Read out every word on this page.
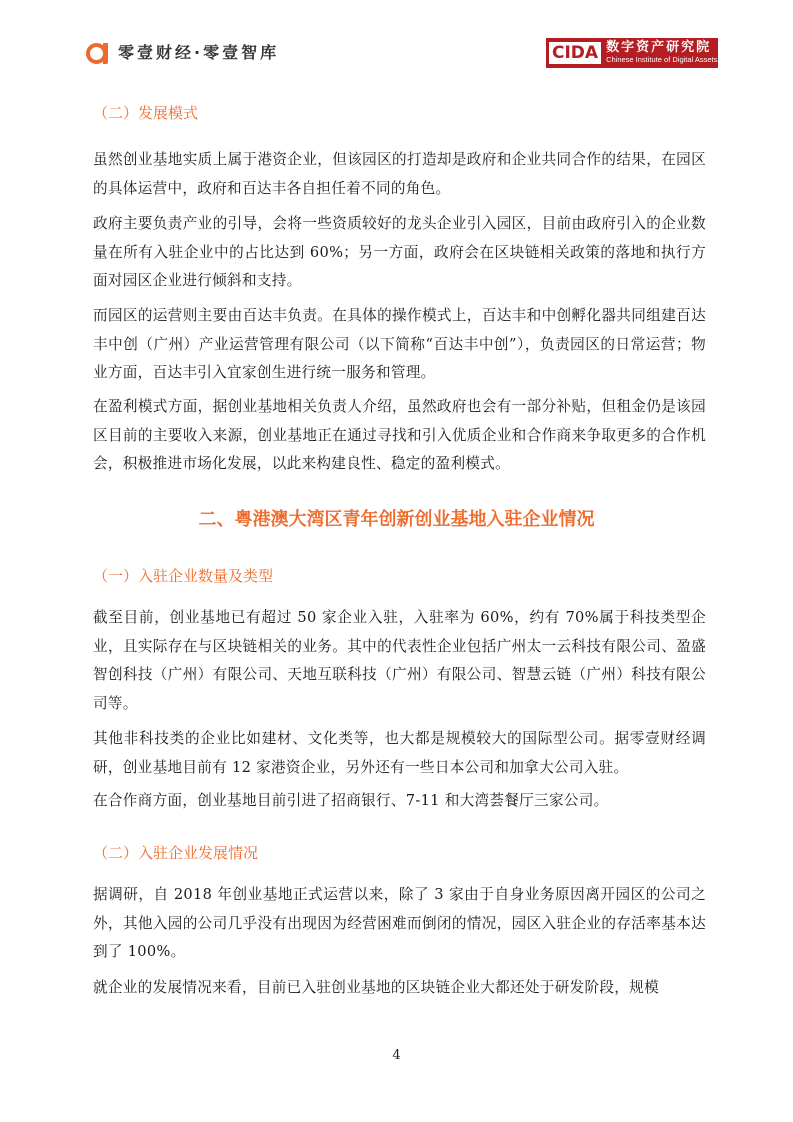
零壹财经·零壹智库	CIDA 数字资产研究院
Chinese Institute of Digital Assets
（二）发展模式
虽然创业基地实质上属于港资企业，但该园区的打造却是政府和企业共同合作的结果，在园区的具体运营中，政府和百达丰各自担任着不同的角色。
政府主要负责产业的引导，会将一些资质较好的龙头企业引入园区，目前由政府引入的企业数量在所有入驻企业中的占比达到 60%；另一方面，政府会在区块链相关政策的落地和执行方面对园区企业进行倾斜和支持。
而园区的运营则主要由百达丰负责。在具体的操作模式上，百达丰和中创孵化器共同组建百达丰中创（广州）产业运营管理有限公司（以下简称“百达丰中创”），负责园区的日常运营；物业方面，百达丰引入宜家创生进行统一服务和管理。
在盈利模式方面，据创业基地相关负责人介绍，虽然政府也会有一部分补贴，但租金仍是该园区目前的主要收入来源，创业基地正在通过寻找和引入优质企业和合作商来争取更多的合作机会，积极推进市场化发展，以此来构建良性、稳定的盈利模式。
二、粤港澳大湾区青年创新创业基地入驻企业情况
（一）入驻企业数量及类型
截至目前，创业基地已有超过 50 家企业入驻，入驻率为 60%，约有 70%属于科技类型企业，且实际存在与区块链相关的业务。其中的代表性企业包括广州太一云科技有限公司、盈盛智创科技（广州）有限公司、天地互联科技（广州）有限公司、智慧云链（广州）科技有限公司等。
其他非科技类的企业比如建材、文化类等，也大都是规模较大的国际型公司。据零壹财经调研，创业基地目前有 12 家港资企业，另外还有一些日本公司和加拿大公司入驻。
在合作商方面，创业基地目前引进了招商银行、7-11 和大湾荟餐厅三家公司。
（二）入驻企业发展情况
据调研，自 2018 年创业基地正式运营以来，除了 3 家由于自身业务原因离开园区的公司之外，其他入园的公司几乎没有出现因为经营困难而倒闭的情况，园区入驻企业的存活率基本达到了 100%。
就企业的发展情况来看，目前已入驻创业基地的区块链企业大都还处于研发阶段，规模
4
